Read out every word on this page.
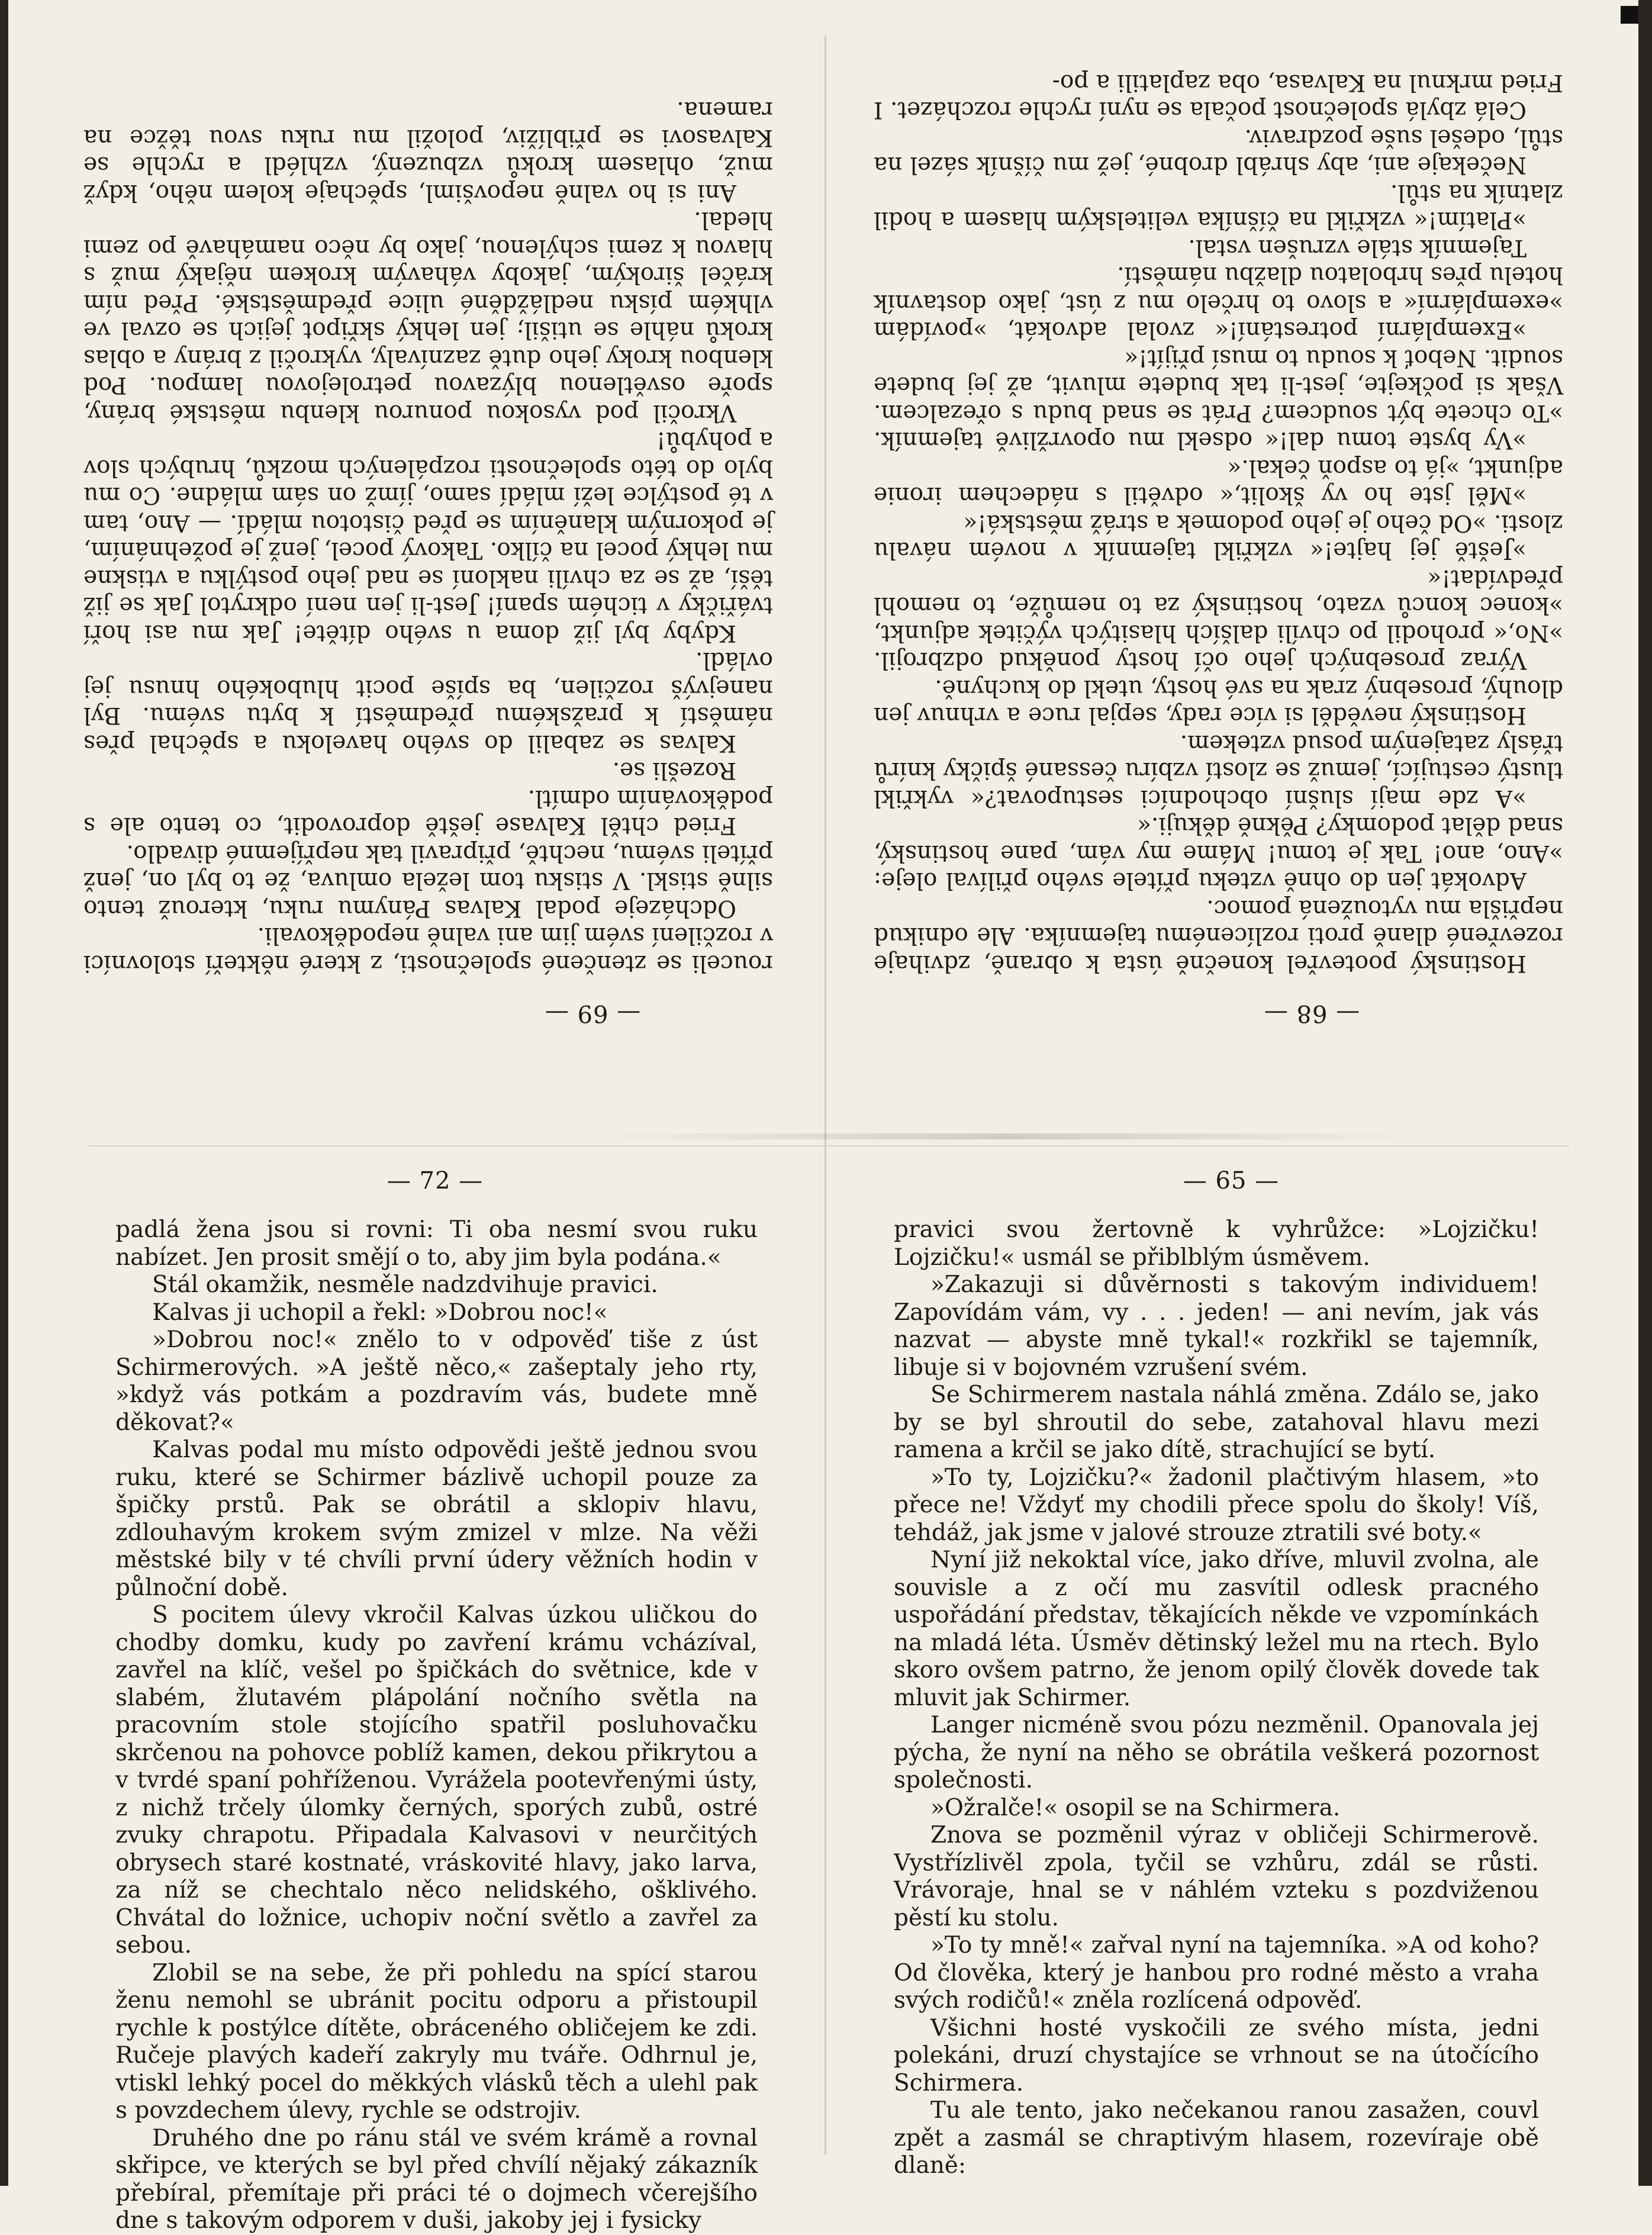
— 69 —

rouceli se ztenčené společnosti, z které někteří stolovníci v rozčilení svém jim ani valně nepoděkovali.

Odcházeje podal Kalvas Pánymu ruku, kterouž tento silně stiskl. V stisku tom ležela omluva, že to byl on, jenž příteli svému, nechtě, připravil tak nepříjemné divadlo.

Fried chtěl Kalvase ještě doprovodit, co tento ale s poděkováním odmítl.

Rozešli se.

Kalvas se zabalil do svého haveloku a spěchal přes náměstí k pražskému předměstí k bytu svému. Byl nanejvýš rozčilen, ba spíše pocit hlubokého hnusu jej ovládl.

Kdyby byl již doma u svého dítěte! Jak mu asi hoří tvářičky v tichém spaní! Jest-li jen není odkrytol Jak se již těší, až se za chvíli nakloní se nad jeho postýlku a vtiskne mu lehký pocel na čílko. Takový pocel, jenž je požehnáním, je pokorným klaněním se před čistotou mládí. — Ano, tam v té postýlce leží mládí samo, jímž on sám mládne. Co mu bylo do této společnosti rozpálených mozků, hrubých slov a pohybů!

Vkročil pod vysokou ponurou klenbu městské brány, spoře osvětlenou blýzavou petrolejovou lampou. Pod klenbou kroky jeho dutě zaznívaly, vykročil z brány a oblas kroků náhle se utišil; jen lehký skřipot jejich se ozval ve vlhkém písku nedlážděné ulice předměstské. Před ním kráčel širokým, jakoby váhavým krokem nějaký muž s hlavou k zemi schýlenou, jako by něco namáhavě po zemi hledal.

Ani si ho valně nepovšiml, spěchaje kolem něho, když muž, ohlasem kroků vzbuzený, vzhlédl a rychle se Kalvasovi se přiblíživ, položil mu ruku svou těžce na ramena.

— 68 —

Hostinský pootevřel konečně ústa k obraně, zdvihaje rozevřené dlaně proti rozlícenému tajemníka. Ale odnikud nepřišla mu vytoužená pomoc.

Advokát jen do ohně vzteku přítele svého přilíval oleje: »Ano, ano! Tak je tomu! Máme my vám, pane hostinský, snad dělat podomky? Pěkně děkuji.«

»A zde mají slušní obchodníci sestupovat?« vykřikl tlustý cestující, jemuž se zlostí vzbíru čessané špičky knírů třásly zatajeným posud vztekem.

Hostinský nevěděl si více rady, sepjal ruce a vrhnuv jen dlouhý, prosebný zrak na své hosty, utekl do kuchyně.

Výraz prosebných jeho očí hosty poněkud odzbrojil. »No,« prohodil po chvíli dalších hlasitých výčitek adjunkt, »konec konců vzato, hostinský za to nemůže, to nemohl předvídat!«

»Ještě jej hajte!« vzkřikl tajemník v novém návalu zlosti. »Od čeho je jeho podomek a stráž městská!«

»Měl jste ho vy školit,« odvětil s nádechem ironie adjunkt, »já to aspoň čekal.«

»Vy byste tomu dal!« odsekl mu opovržlivě tajemník. »To chcete být soudcem? Prát se snad budu s ořezalcem. Však si počkejte, jest-li tak budete mluvit, až jej budete soudit. Neboť k soudu to musí přijít!«

»Exemplární potrestání!« zvolal advokát, »povídám »exemplární« a slovo to hrčelo mu z úst, jako dostavník hotelu přes hrbolatou dlažbu náměstí.

Tajemník stále vzrušen vstal.

»Platím!« vzkřikl na číšníka velitelským hlasem a hodil zlatník na stůl.

Nečekaje ani, aby shrábl drobné, jež mu číšník sázel na stůl, odešel suše pozdraviv.

Celá zbylá společnost počala se nyní rychle rozcházet. I Fried mrknul na Kalvasa, oba zaplatili a po-

— 72 —

padlá žena jsou si rovni: Ti oba nesmí svou ruku nabízet. Jen prosit smějí o to, aby jim byla podána.«

Stál okamžik, nesměle nadzdvihuje pravici.

Kalvas ji uchopil a řekl: »Dobrou noc!«

»Dobrou noc!« znělo to v odpověď tiše z úst Schirmerových. »A ještě něco,« zašeptaly jeho rty, »když vás potkám a pozdravím vás, budete mně děkovat?«

Kalvas podal mu místo odpovědi ještě jednou svou ruku, které se Schirmer bázlivě uchopil pouze za špičky prstů. Pak se obrátil a sklopiv hlavu, zdlouhavým krokem svým zmizel v mlze. Na věži městské bily v té chvíli první údery věžních hodin v půlnoční době.

S pocitem úlevy vkročil Kalvas úzkou uličkou do chodby domku, kudy po zavření krámu vcházíval, zavřel na klíč, vešel po špičkách do světnice, kde v slabém, žlutavém plápolání nočního světla na pracovním stole stojícího spatřil posluhovačku skrčenou na pohovce poblíž kamen, dekou přikrytou a v tvrdé spaní pohříženou. Vyrážela pootevřenými ústy, z nichž trčely úlomky černých, sporých zubů, ostré zvuky chrapotu. Připadala Kalvasovi v neurčitých obrysech staré kostnaté, vráskovité hlavy, jako larva, za níž se chechtalo něco nelidského, ošklivého. Chvátal do ložnice, uchopiv noční světlo a zavřel za sebou.

Zlobil se na sebe, že při pohledu na spící starou ženu nemohl se ubránit pocitu odporu a přistoupil rychle k postýlce dítěte, obráceného obličejem ke zdi. Ručeje plavých kadeří zakryly mu tváře. Odhrnul je, vtiskl lehký pocel do měkkých vlásků těch a ulehl pak s povzdechem úlevy, rychle se odstrojiv.

Druhého dne po ránu stál ve svém krámě a rovnal skřipce, ve kterých se byl před chvílí nějaký zákazník přebíral, přemítaje při práci té o dojmech včerejšího dne s takovým odporem v duši, jakoby jej i fysicky

— 65 —

pravici svou žertovně k vyhrůžce: »Lojzičku! Lojzičku!« usmál se přiblblým úsměvem.

»Zakazuji si důvěrnosti s takovým individuem! Zapovídám vám, vy . . . jeden! — ani nevím, jak vás nazvat — abyste mně tykal!« rozkřikl se tajemník, libuje si v bojovném vzrušení svém.

Se Schirmerem nastala náhlá změna. Zdálo se, jako by se byl shroutil do sebe, zatahoval hlavu mezi ramena a krčil se jako dítě, strachující se bytí.

»To ty, Lojzičku?« žadonil plačtivým hlasem, »to přece ne! Vždyť my chodili přece spolu do školy! Víš, tehdáž, jak jsme v jalové strouze ztratili své boty.«

Nyní již nekoktal více, jako dříve, mluvil zvolna, ale souvisle a z očí mu zasvítil odlesk pracného uspořádání představ, těkajících někde ve vzpomínkách na mladá léta. Úsměv dětinský ležel mu na rtech. Bylo skoro ovšem patrno, že jenom opilý člověk dovede tak mluvit jak Schirmer.

Langer nicméně svou pózu nezměnil. Opanovala jej pýcha, že nyní na něho se obrátila veškerá pozornost společnosti.

»Ožralče!« osopil se na Schirmera.

Znova se pozměnil výraz v obličeji Schirmerově. Vystřízlivěl zpola, tyčil se vzhůru, zdál se růsti. Vrávoraje, hnal se v náhlém vzteku s pozdviženou pěstí ku stolu.

»To ty mně!« zařval nyní na tajemníka. »A od koho? Od člověka, který je hanbou pro rodné město a vraha svých rodičů!« zněla rozlícená odpověď.

Všichni hosté vyskočili ze svého místa, jedni polekáni, druzí chystajíce se vrhnout se na útočícího Schirmera.

Tu ale tento, jako nečekanou ranou zasažen, couvl zpět a zasmál se chraptivým hlasem, rozevíraje obě dlaně:
